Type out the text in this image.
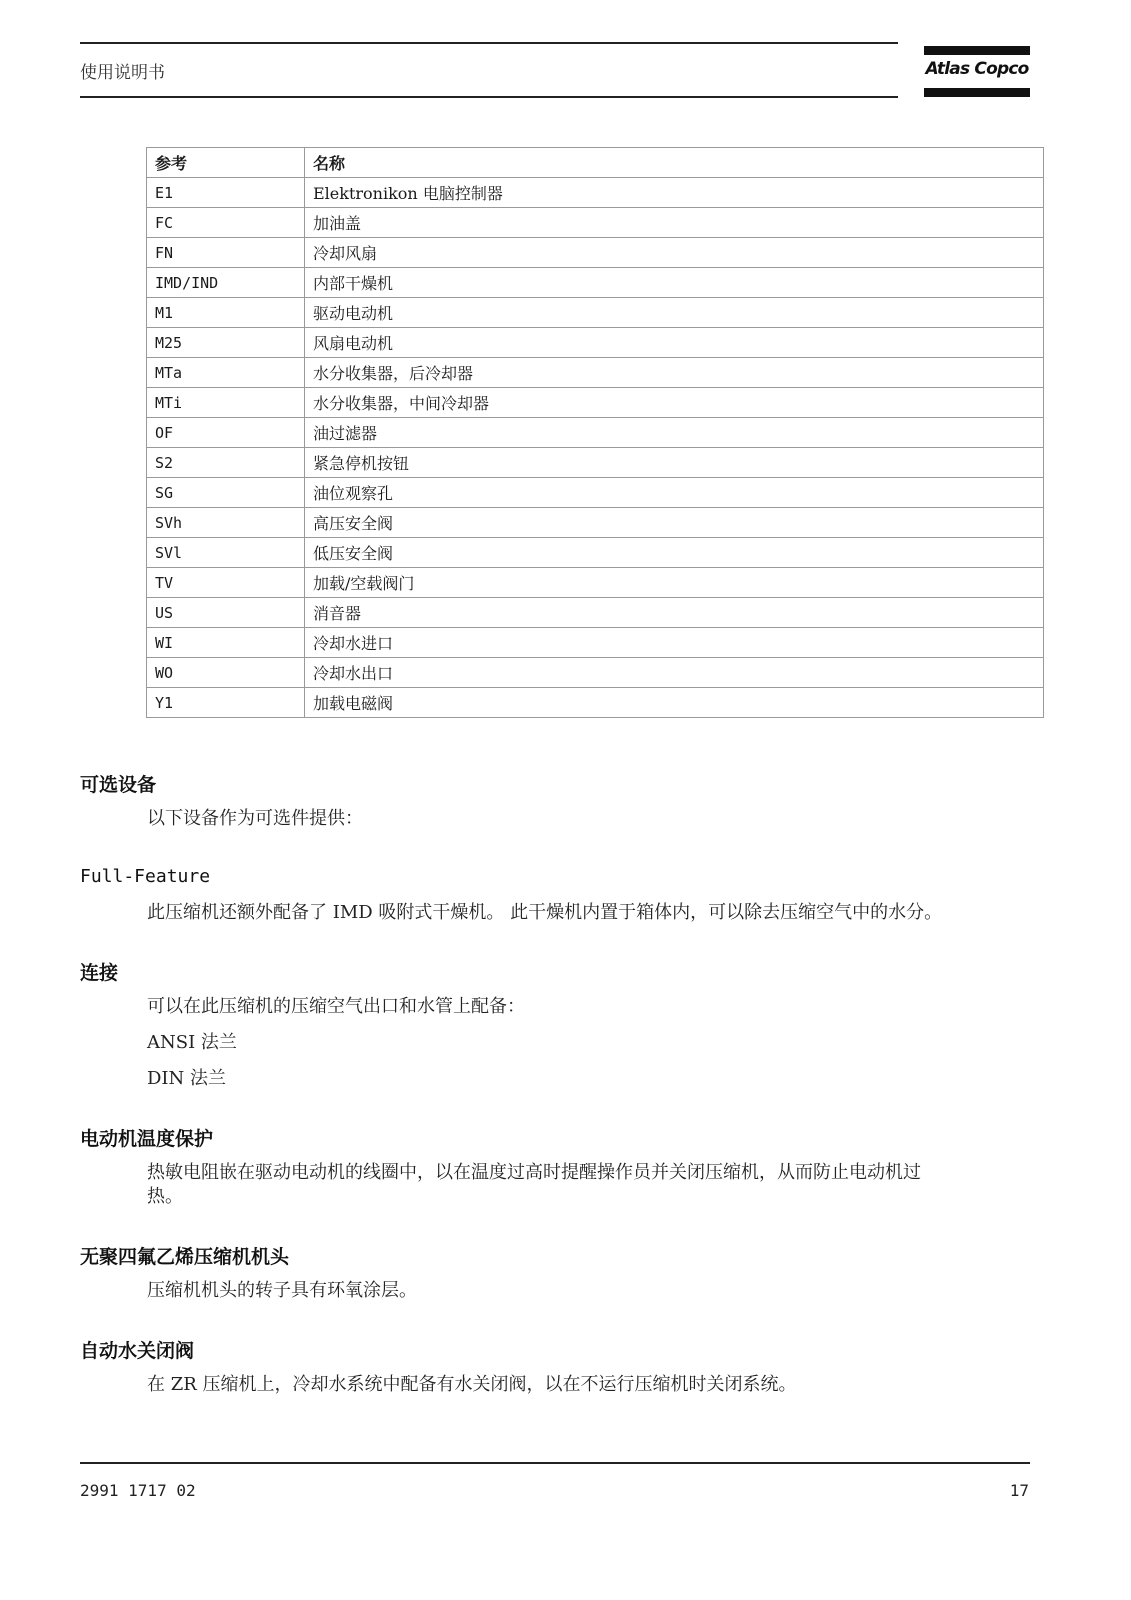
使用说明书	Atlas Copco
参考	名称
E1	Elektronikon 电脑控制器
FC	加油盖
FN	冷却风扇
IMD/IND	内部干燥机
M1	驱动电动机
M25	风扇电动机
MTa	水分收集器，后冷却器
MTi	水分收集器，中间冷却器
OF	油过滤器
S2	紧急停机按钮
SG	油位观察孔
SVh	高压安全阀
SVl	低压安全阀
TV	加载/空载阀门
US	消音器
WI	冷却水进口
WO	冷却水出口
Y1	加载电磁阀
可选设备
以下设备作为可选件提供：
Full-Feature
此压缩机还额外配备了 IMD 吸附式干燥机。 此干燥机内置于箱体内，可以除去压缩空气中的水分。
连接
可以在此压缩机的压缩空气出口和水管上配备：
ANSI 法兰
DIN 法兰
电动机温度保护
热敏电阻嵌在驱动电动机的线圈中，以在温度过高时提醒操作员并关闭压缩机，从而防止电动机过
热。
无聚四氟乙烯压缩机机头
压缩机机头的转子具有环氧涂层。
自动水关闭阀
在 ZR 压缩机上，冷却水系统中配备有水关闭阀，以在不运行压缩机时关闭系统。
2991 1717 02	17
